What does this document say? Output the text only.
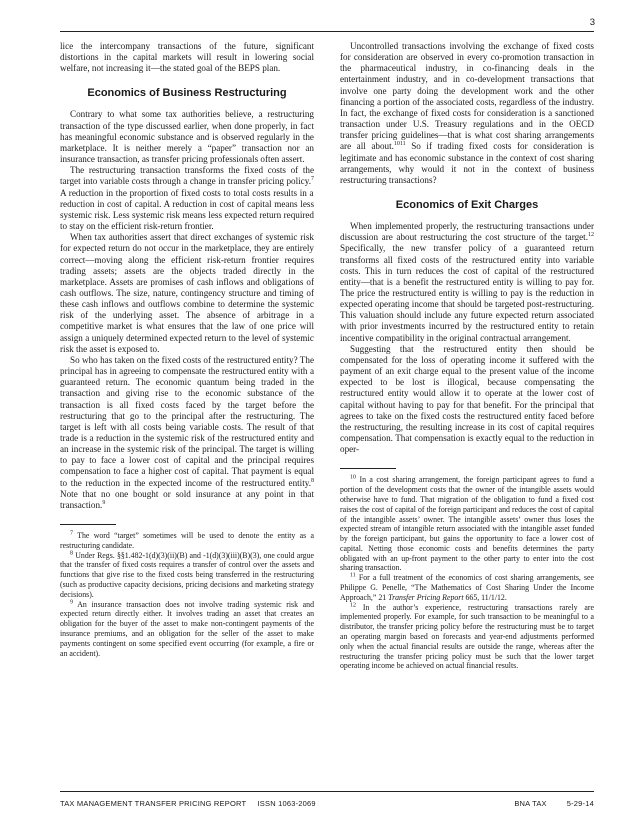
3

lice the intercompany transactions of the future, significant distortions in the capital markets will result in lowering social welfare, not increasing it—the stated goal of the BEPS plan.

Economics of Business Restructuring

Contrary to what some tax authorities believe, a restructuring transaction of the type discussed earlier, when done properly, in fact has meaningful economic substance and is observed regularly in the marketplace. It is neither merely a “paper” transaction nor an insurance transaction, as transfer pricing professionals often assert.

The restructuring transaction transforms the fixed costs of the target into variable costs through a change in transfer pricing policy.$^7$ A reduction in the proportion of fixed costs to total costs results in a reduction in cost of capital. A reduction in cost of capital means less systemic risk. Less systemic risk means less expected return required to stay on the efficient risk-return frontier.

When tax authorities assert that direct exchanges of systemic risk for expected return do not occur in the marketplace, they are entirely correct—moving along the efficient risk-return frontier requires trading assets; assets are the objects traded directly in the marketplace. Assets are promises of cash inflows and obligations of cash outflows. The size, nature, contingency structure and timing of these cash inflows and outflows combine to determine the systemic risk of the underlying asset. The absence of arbitrage in a competitive market is what ensures that the law of one price will assign a uniquely determined expected return to the level of systemic risk the asset is exposed to.

So who has taken on the fixed costs of the restructured entity? The principal has in agreeing to compensate the restructured entity with a guaranteed return. The economic quantum being traded in the transaction and giving rise to the economic substance of the transaction is all fixed costs faced by the target before the restructuring that go to the principal after the restructuring. The target is left with all costs being variable costs. The result of that trade is a reduction in the systemic risk of the restructured entity and an increase in the systemic risk of the principal. The target is willing to pay to face a lower cost of capital and the principal requires compensation to face a higher cost of capital. That payment is equal to the reduction in the expected income of the restructured entity.$^8$ Note that no one bought or sold insurance at any point in that transaction.$^9$

$^7$ The word “target” sometimes will be used to denote the entity as a restructuring candidate.

$^8$ Under Regs. §§1.482-1(d)(3)(ii)(B) and -1(d)(3)(iii)(B)(3), one could argue that the transfer of fixed costs requires a transfer of control over the assets and functions that give rise to the fixed costs being transferred in the restructuring (such as productive capacity decisions, pricing decisions and marketing strategy decisions).

$^9$ An insurance transaction does not involve trading systemic risk and expected return directly either. It involves trading an asset that creates an obligation for the buyer of the asset to make non-contingent payments of the insurance premiums, and an obligation for the seller of the asset to make payments contingent on some specified event occurring (for example, a fire or an accident).

Uncontrolled transactions involving the exchange of fixed costs for consideration are observed in every co-promotion transaction in the pharmaceutical industry, in co-financing deals in the entertainment industry, and in co-development transactions that involve one party doing the development work and the other financing a portion of the associated costs, regardless of the industry. In fact, the exchange of fixed costs for consideration is a sanctioned transaction under U.S. Treasury regulations and in the OECD transfer pricing guidelines—that is what cost sharing arrangements are all about.$^{1011}$ So if trading fixed costs for consideration is legitimate and has economic substance in the context of cost sharing arrangements, why would it not in the context of business restructuring transactions?

Economics of Exit Charges

When implemented properly, the restructuring transactions under discussion are about restructuring the cost structure of the target.$^{12}$ Specifically, the new transfer policy of a guaranteed return transforms all fixed costs of the restructured entity into variable costs. This in turn reduces the cost of capital of the restructured entity—that is a benefit the restructured entity is willing to pay for. The price the restructured entity is willing to pay is the reduction in expected operating income that should be targeted post-restructuring. This valuation should include any future expected return associated with prior investments incurred by the restructured entity to retain incentive compatibility in the original contractual arrangement.

Suggesting that the restructured entity then should be compensated for the loss of operating income it suffered with the payment of an exit charge equal to the present value of the income expected to be lost is illogical, because compensating the restructured entity would allow it to operate at the lower cost of capital without having to pay for that benefit. For the principal that agrees to take on the fixed costs the restructured entity faced before the restructuring, the resulting increase in its cost of capital requires compensation. That compensation is exactly equal to the reduction in oper-

$^{10}$ In a cost sharing arrangement, the foreign participant agrees to fund a portion of the development costs that the owner of the intangible assets would otherwise have to fund. That migration of the obligation to fund a fixed cost raises the cost of capital of the foreign participant and reduces the cost of capital of the intangible assets’ owner. The intangible assets’ owner thus loses the expected stream of intangible return associated with the intangible asset funded by the foreign participant, but gains the opportunity to face a lower cost of capital. Netting those economic costs and benefits determines the party obligated with an up-front payment to the other party to enter into the cost sharing transaction.

$^{11}$ For a full treatment of the economics of cost sharing arrangements, see Philippe G. Penelle, “The Mathematics of Cost Sharing Under the Income Approach,” 21 Transfer Pricing Report 665, 11/1/12.

$^{12}$ In the author’s experience, restructuring transactions rarely are implemented properly. For example, for such transaction to be meaningful to a distributor, the transfer pricing policy before the restructuring must be to target an operating margin based on forecasts and year-end adjustments performed only when the actual financial results are outside the range, whereas after the restructuring the transfer pricing policy must be such that the lower target operating income be achieved on actual financial results.

TAX MANAGEMENT TRANSFER PRICING REPORT     ISSN 1063-2069	BNA TAX	5-29-14
